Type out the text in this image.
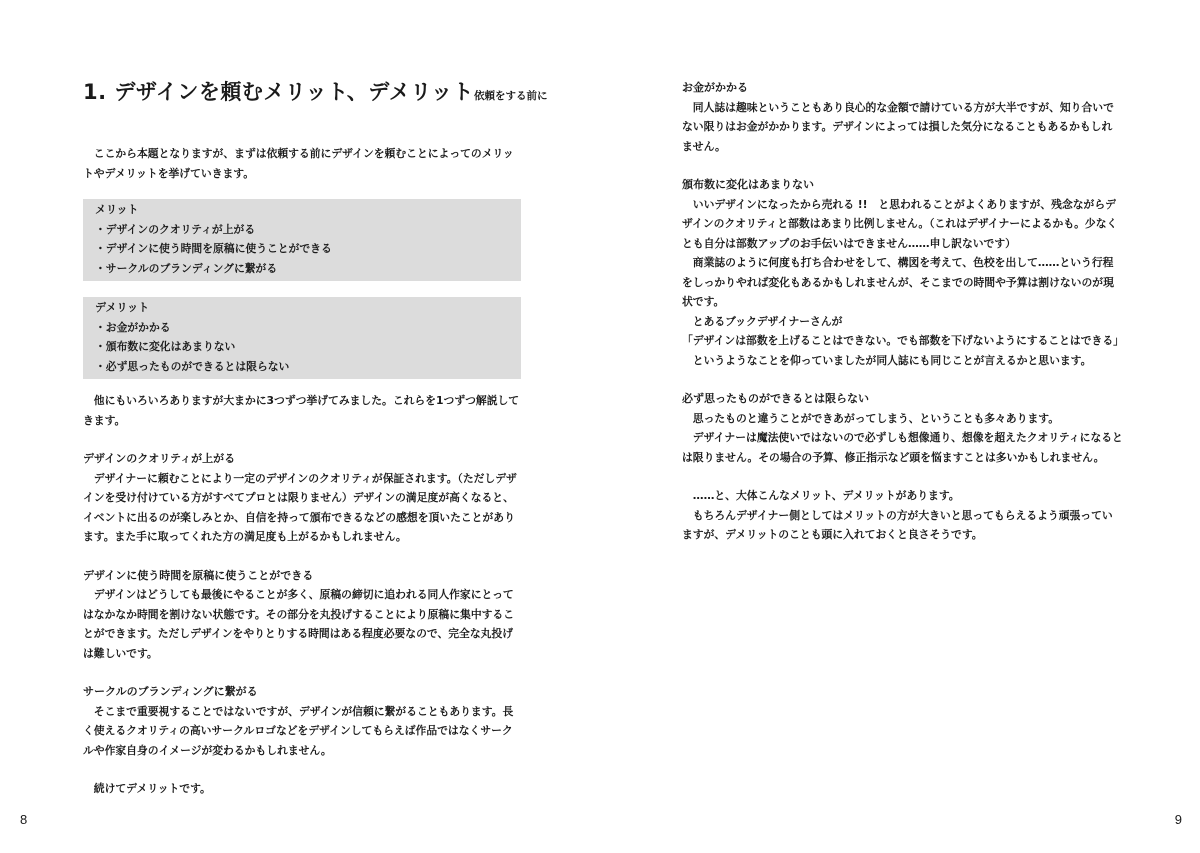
1. デザインを頼むメリット、デメリット 依頼をする前に

ここから本題となりますが、まずは依頼する前にデザインを頼むことによってのメリットやデメリットを挙げていきます。

メリット
・デザインのクオリティが上がる
・デザインに使う時間を原稿に使うことができる
・サークルのブランディングに繋がる
デメリット
・お金がかかる
・頒布数に変化はあまりない
・必ず思ったものができるとは限らない

他にもいろいろありますが大まかに3つずつ挙げてみました。これらを1つずつ解説してきます。

デザインのクオリティが上がる

デザイナーに頼むことにより一定のデザインのクオリティが保証されます。（ただしデザインを受け付けている方がすべてプロとは限りません）デザインの満足度が高くなると、イベントに出るのが楽しみとか、自信を持って頒布できるなどの感想を頂いたことがあります。また手に取ってくれた方の満足度も上がるかもしれません。

デザインに使う時間を原稿に使うことができる

デザインはどうしても最後にやることが多く、原稿の締切に追われる同人作家にとってはなかなか時間を割けない状態です。その部分を丸投げすることにより原稿に集中することができます。ただしデザインをやりとりする時間はある程度必要なので、完全な丸投げは難しいです。

サークルのブランディングに繋がる

そこまで重要視することではないですが、デザインが信頼に繋がることもあります。長く使えるクオリティの高いサークルロゴなどをデザインしてもらえば作品ではなくサークルや作家自身のイメージが変わるかもしれません。

続けてデメリットです。

8
お金がかかる

同人誌は趣味ということもあり良心的な金額で請けている方が大半ですが、知り合いでない限りはお金がかかります。デザインによっては損した気分になることもあるかもしれません。

頒布数に変化はあまりない

いいデザインになったから売れる !!　と思われることがよくありますが、残念ながらデザインのクオリティと部数はあまり比例しません。（これはデザイナーによるかも。少なくとも自分は部数アップのお手伝いはできません……申し訳ないです）

商業誌のように何度も打ち合わせをして、構図を考えて、色校を出して……という行程をしっかりやれば変化もあるかもしれませんが、そこまでの時間や予算は割けないのが現状です。

とあるブックデザイナーさんが

「デザインは部数を上げることはできない。でも部数を下げないようにすることはできる」

というようなことを仰っていましたが同人誌にも同じことが言えるかと思います。

必ず思ったものができるとは限らない

思ったものと違うことができあがってしまう、ということも多々あります。

デザイナーは魔法使いではないので必ずしも想像通り、想像を超えたクオリティになるとは限りません。その場合の予算、修正指示など頭を悩ますことは多いかもしれません。

……と、大体こんなメリット、デメリットがあります。

もちろんデザイナー側としてはメリットの方が大きいと思ってもらえるよう頑張っていますが、デメリットのことも頭に入れておくと良さそうです。

9
